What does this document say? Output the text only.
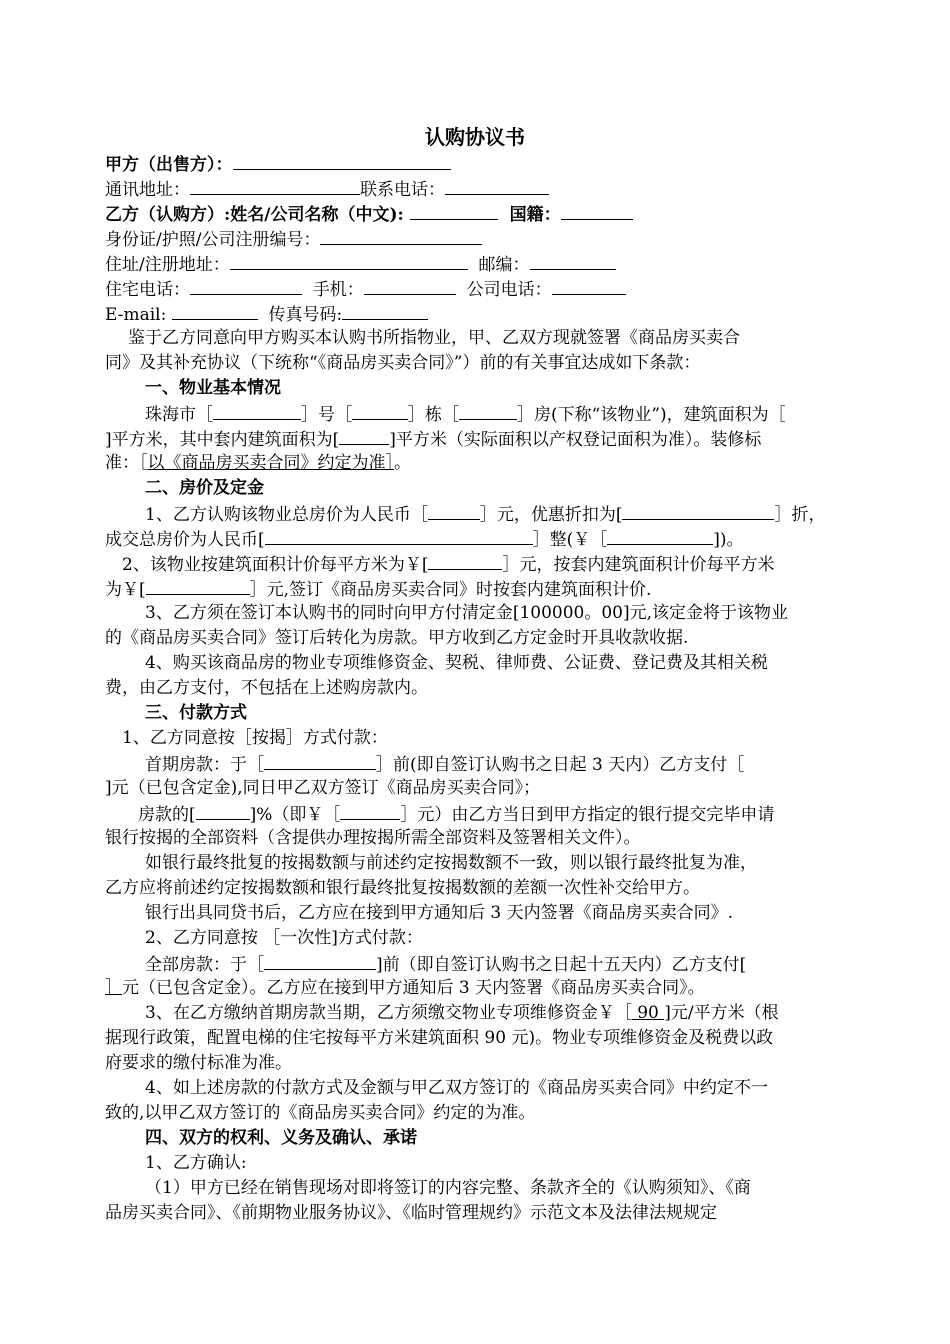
认购协议书
甲方（出售方）：
通讯地址：	联系电话：
乙方（认购方）:姓名/公司名称（中文):	国籍：
身份证/护照/公司注册编号：
住址/注册地址：	邮编：
住宅电话：	手机：	公司电话：
E-mail:	传真号码:
鉴于乙方同意向甲方购买本认购书所指物业，甲、乙双方现就签署《商品房买卖合
同》及其补充协议（下统称“《商品房买卖合同》”）前的有关事宜达成如下条款：
一、物业基本情况
珠海市［	］号［	］栋［	］房(下称“该物业”)，建筑面积为［
]平方米，其中套内建筑面积为[	]平方米（实际面积以产权登记面积为准）。装修标
准：［以《商品房买卖合同》约定为准］。
二、房价及定金
1、乙方认购该物业总房价为人民币［	］元，优惠折扣为[	］折，
成交总房价为人民币[	］整(￥［	])。
2、该物业按建筑面积计价每平方米为￥[	］元，按套内建筑面积计价每平方米
为￥[	］元,签订《商品房买卖合同》时按套内建筑面积计价.
3、乙方须在签订本认购书的同时向甲方付清定金[100000。00]元,该定金将于该物业
的《商品房买卖合同》签订后转化为房款。甲方收到乙方定金时开具收款收据.
4、购买该商品房的物业专项维修资金、契税、律师费、公证费、登记费及其相关税
费，由乙方支付，不包括在上述购房款内。
三、付款方式
1、乙方同意按［按揭］方式付款：
首期房款：于［	］前(即自签订认购书之日起 3 天内）乙方支付［
]元（已包含定金),同日甲乙双方签订《商品房买卖合同》；
房款的[	]%（即￥［	］元）由乙方当日到甲方指定的银行提交完毕申请
银行按揭的全部资料（含提供办理按揭所需全部资料及签署相关文件）。
如银行最终批复的按揭数额与前述约定按揭数额不一致，则以银行最终批复为准，
乙方应将前述约定按揭数额和银行最终批复按揭数额的差额一次性补交给甲方。
银行出具同贷书后，乙方应在接到甲方通知后 3 天内签署《商品房买卖合同》.
2、乙方同意按 ［一次性]方式付款：
全部房款：于［	]前（即自签订认购书之日起十五天内）乙方支付[
］元（已包含定金）。乙方应在接到甲方通知后 3 天内签署《商品房买卖合同》。
3、在乙方缴纳首期房款当期，乙方须缴交物业专项维修资金￥［ 90 ]元/平方米（根
据现行政策，配置电梯的住宅按每平方米建筑面积 90 元)。物业专项维修资金及税费以政
府要求的缴付标准为准。
4、如上述房款的付款方式及金额与甲乙双方签订的《商品房买卖合同》中约定不一
致的,以甲乙双方签订的《商品房买卖合同》约定的为准。
四、双方的权利、义务及确认、承诺
1、乙方确认:
（1）甲方已经在销售现场对即将签订的内容完整、条款齐全的《认购须知》、《商
品房买卖合同》、《前期物业服务协议》、《临时管理规约》示范文本及法律法规规定
